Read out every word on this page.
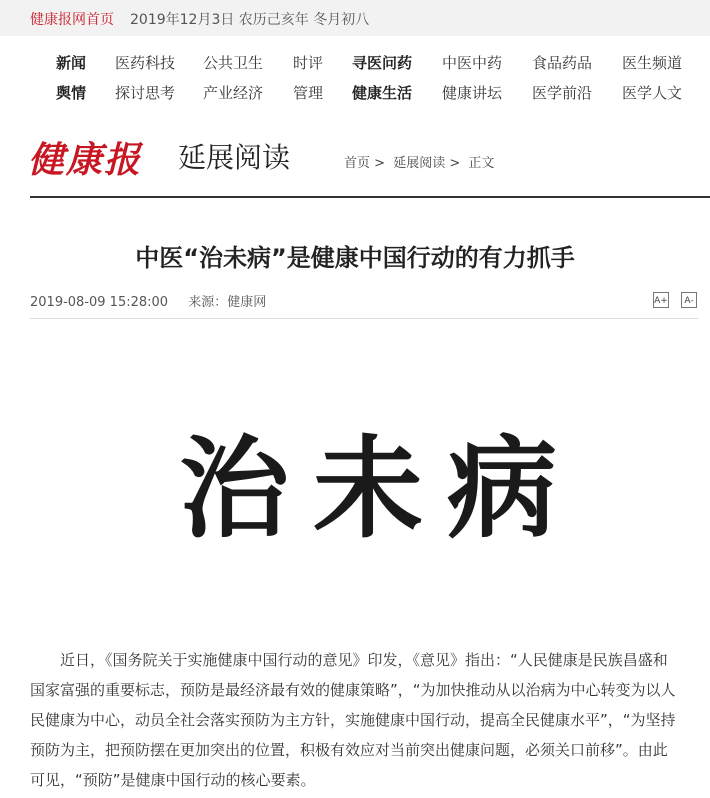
健康报网首页 2019年12月3日 农历己亥年 冬月初八
新闻 医药科技 公共卫生 时评 寻医问药 中医中药 食品药品 医生频道
舆情 探讨思考 产业经济 管理 健康生活 健康讲坛 医学前沿 医学人文
健康报 延展阅读	首页 > 延展阅读 > 正文
中医“治未病”是健康中国行动的有力抓手
2019-08-09 15:28:00 来源：健康网	A+	A-
治未病

近日，《国务院关于实施健康中国行动的意见》印发，《意见》指出：“人民健康是民族昌盛和国家富强的重要标志，预防是最经济最有效的健康策略”，“为加快推动从以治病为中心转变为以人民健康为中心，动员全社会落实预防为主方针，实施健康中国行动，提高全民健康水平”，“为坚持预防为主，把预防摆在更加突出的位置，积极有效应对当前突出健康问题，必须关口前移”。由此可见，“预防”是健康中国行动的核心要素。
